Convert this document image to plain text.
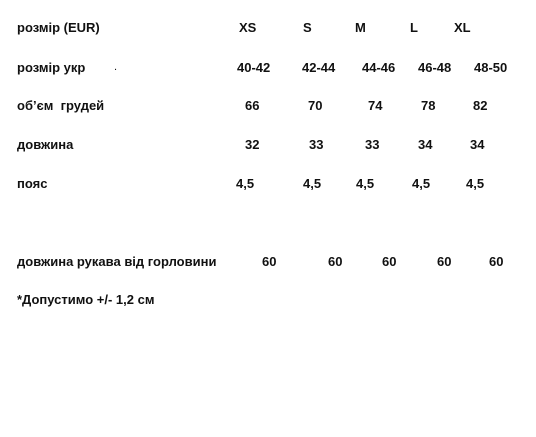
розмір (EUR)	XS	S	M	L	XL
розмір укр	.	40-42 42-44 44-46 46-48 48-50
об’єм  грудей	66	70	74	78	82
довжина	32	33	33	34	34
пояс	4,5	4,5	4,5	4,5	4,5
довжина рукава від горловини	60	60	60	60	60
*Допустимо +/- 1,2 см
